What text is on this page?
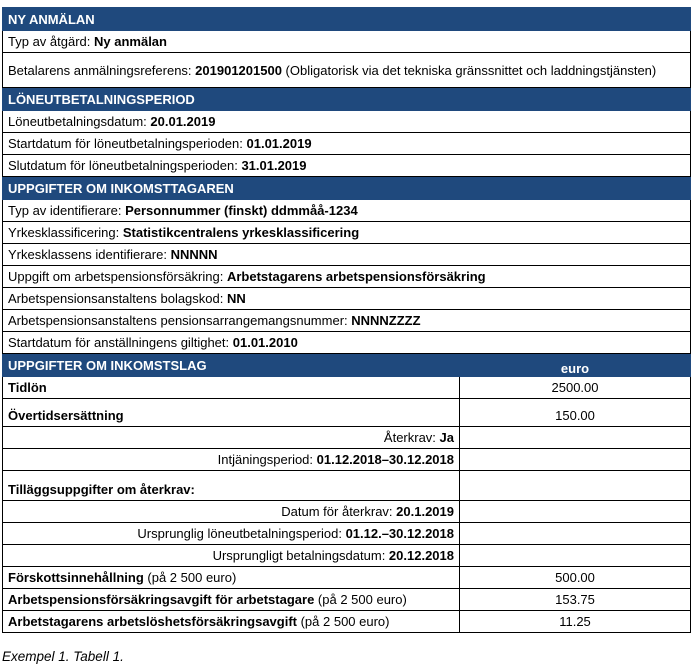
NY ANMÄLAN	
Typ av åtgärd: Ny anmälan	
Betalarens anmälningsreferens: 201901201500 (Obligatorisk via det tekniska gränssnittet och laddningstjänsten)	
LÖNEUTBETALNINGSPERIOD	
Löneutbetalningsdatum: 20.01.2019	
Startdatum för löneutbetalningsperioden: 01.01.2019	
Slutdatum för löneutbetalningsperioden: 31.01.2019	
UPPGIFTER OM INKOMSTTAGAREN	
Typ av identifierare: Personnummer (finskt) ddmmåå-1234	
Yrkesklassificering: Statistikcentralens yrkesklassificering	
Yrkesklassens identifierare: NNNNN	
Uppgift om arbetspensionsförsäkring: Arbetstagarens arbetspensionsförsäkring	
Arbetspensionsanstaltens bolagskod: NN	
Arbetspensionsanstaltens pensionsarrangemangsnummer: NNNNZZZZ	
Startdatum för anställningens giltighet: 01.01.2010	
UPPGIFTER OM INKOMSTSLAG	euro
Tidlön	2500.00
Övertidsersättning	150.00
Återkrav: Ja	
Intjäningsperiod: 01.12.2018–30.12.2018	
Tilläggsuppgifter om återkrav:	
Datum för återkrav: 20.1.2019	
Ursprunglig löneutbetalningsperiod: 01.12.–30.12.2018	
Ursprungligt betalningsdatum: 20.12.2018	
Förskottsinnehållning (på 2 500 euro)	500.00
Arbetspensionsförsäkringsavgift för arbetstagare (på 2 500 euro)	153.75
Arbetstagarens arbetslöshetsförsäkringsavgift (på 2 500 euro)	11.25
Exempel 1. Tabell 1.
